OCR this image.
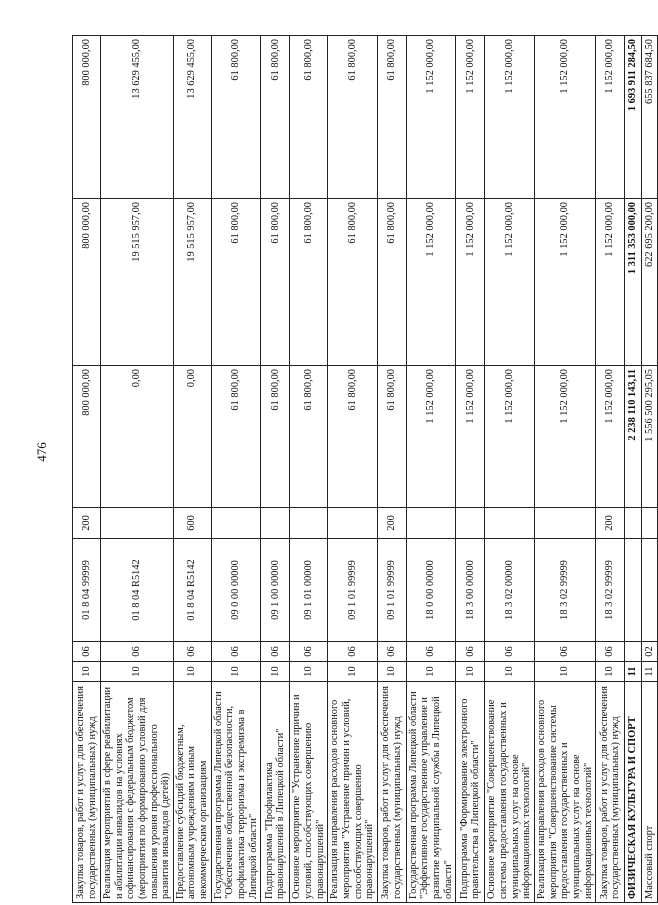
476
Закупка товаров, работ и услуг для обеспечения государственных (муниципальных) нужд	10	06	01 8 04 99999	200	800 000,00	800 000,00	800 000,00
Реализация мероприятий в сфере реабилитации и абилитации инвалидов на условиях софинансирования с федеральным бюджетом (мероприятия по формированию условий для повышения уровня профессионального развития инвалидов (детей))	10	06	01 8 04 R5142		0,00	19 515 957,00	13 629 455,00
Предоставление субсидий бюджетным, автономным учреждениям и иным некоммерческим организациям	10	06	01 8 04 R5142	600	0,00	19 515 957,00	13 629 455,00
Государственная программа Липецкой области "Обеспечение общественной безопасности, профилактика терроризма и экстремизма в Липецкой области"	10	06	09 0 00 00000		61 800,00	61 800,00	61 800,00
Подпрограмма "Профилактика правонарушений в Липецкой области"	10	06	09 1 00 00000		61 800,00	61 800,00	61 800,00
Основное мероприятие "Устранение причин и условий, способствующих совершению правонарушений"	10	06	09 1 01 00000		61 800,00	61 800,00	61 800,00
Реализация направления расходов основного мероприятия "Устранение причин и условий, способствующих совершению правонарушений"	10	06	09 1 01 99999		61 800,00	61 800,00	61 800,00
Закупка товаров, работ и услуг для обеспечения государственных (муниципальных) нужд	10	06	09 1 01 99999	200	61 800,00	61 800,00	61 800,00
Государственная программа Липецкой области "Эффективное государственное управление и развитие муниципальной службы в Липецкой области"	10	06	18 0 00 00000		1 152 000,00	1 152 000,00	1 152 000,00
Подпрограмма "Формирование электронного правительства в Липецкой области"	10	06	18 3 00 00000		1 152 000,00	1 152 000,00	1 152 000,00
Основное мероприятие "Совершенствование системы предоставления государственных и муниципальных услуг на основе информационных технологий"	10	06	18 3 02 00000		1 152 000,00	1 152 000,00	1 152 000,00
Реализация направления расходов основного мероприятия "Совершенствование системы предоставления государственных и муниципальных услуг на основе информационных технологий"	10	06	18 3 02 99999		1 152 000,00	1 152 000,00	1 152 000,00
Закупка товаров, работ и услуг для обеспечения государственных (муниципальных) нужд	10	06	18 3 02 99999	200	1 152 000,00	1 152 000,00	1 152 000,00
ФИЗИЧЕСКАЯ КУЛЬТУРА И СПОРТ	11				2 238 110 143,11	1 311 353 000,00	1 693 911 284,50
Массовый спорт	11	02			1 556 500 295,05	622 695 200,00	655 837 684,50
